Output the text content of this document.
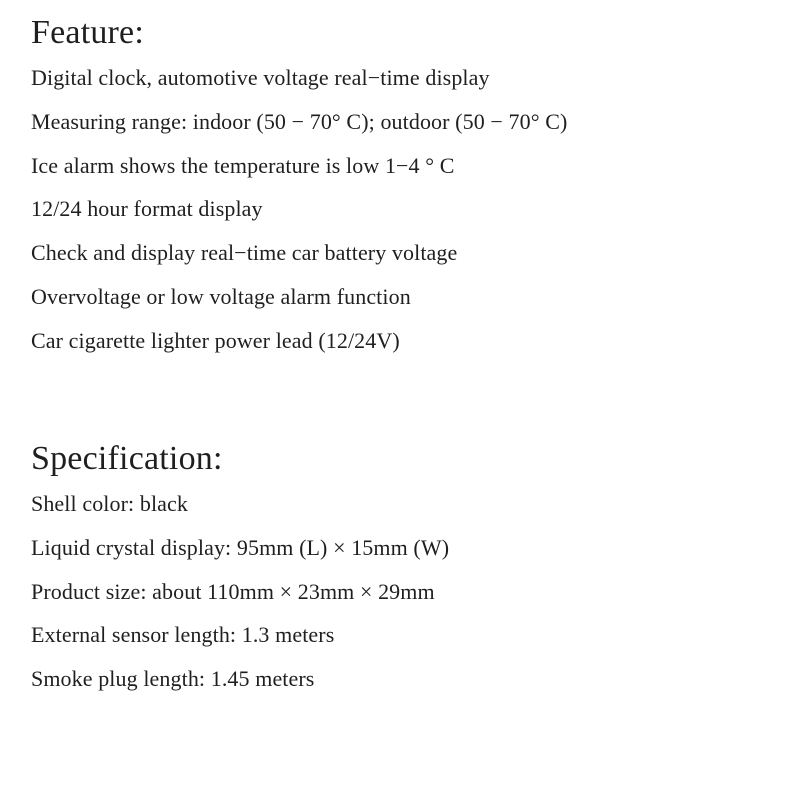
Feature:
Digital clock, automotive voltage real−time display
Measuring range: indoor (50 − 70° C); outdoor (50 − 70° C)
Ice alarm shows the temperature is low 1−4 ° C
12/24 hour format display
Check and display real−time car battery voltage
Overvoltage or low voltage alarm function
Car cigarette lighter power lead (12/24V)
Specification:
Shell color: black
Liquid crystal display: 95mm (L) × 15mm (W)
Product size: about 110mm × 23mm × 29mm
External sensor length: 1.3 meters
Smoke plug length: 1.45 meters
